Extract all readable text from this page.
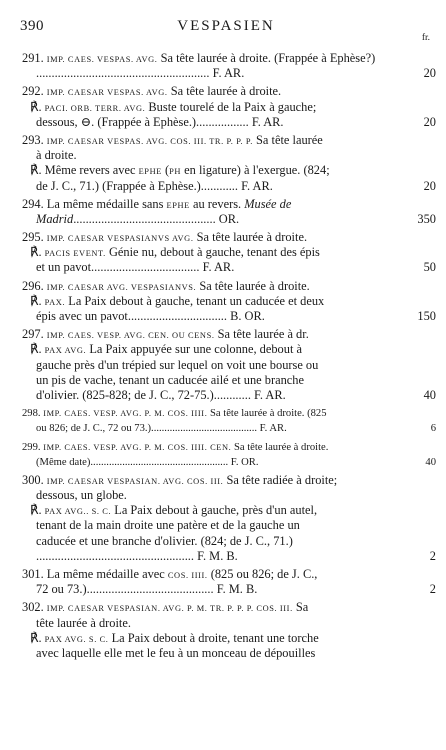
390	VESPASIEN
fr.
291. IMP. CAES. VESPAS. AVG. Sa tête laurée à droite. (Frappée à Ephèse?)
........................................................ F. AR.	20
292. IMP. CAESAR VESPAS. AVG. Sa tête laurée à droite.
℟. PACI. ORB. TERR. AVG. Buste tourelé de la Paix à gauche;
dessous, ⊖. (Frappée à Ephèse.)................. F. AR.	20
293. IMP. CAESAR VESPAS. AVG. COS. III. TR. P. P. P. Sa tête laurée
à droite.
℟. Même revers avec EPHE (PH en ligature) à l'exergue. (824;
de J. C., 71.) (Frappée à Ephèse.)............ F. AR.	20
294. La même médaille sans EPHE au revers. Musée de
Madrid.............................................. OR.	350
295. IMP. CAESAR VESPASIANVS AVG. Sa tête laurée à droite.
℟. PACIS EVENT. Génie nu, debout à gauche, tenant des épis
et un pavot................................... F. AR.	50
296. IMP. CAESAR AVG. VESPASIANVS. Sa tête laurée à droite.
℟. PAX. La Paix debout à gauche, tenant un caducée et deux
épis avec un pavot................................ B. OR.	150
297. IMP. CAES. VESP. AVG. CEN. OU CENS. Sa tête laurée à dr.
℟. PAX AVG. La Paix appuyée sur une colonne, debout à
gauche près d'un trépied sur lequel on voit une bourse ou
un pis de vache, tenant un caducée ailé et une branche
d'olivier. (825-828; de J. C., 72-75.)............ F. AR.	40
298. IMP. CAES. VESP. AVG. P. M. COS. IIII. Sa tête laurée à droite. (825
ou 826; de J. C., 72 ou 73.)........................................ F. AR.	6
299. IMP. CAES. VESP. AVG. P. M. COS. IIII. CEN. Sa tête laurée à droite.
(Même date).................................................... F. OR.	40
300. IMP. CAESAR VESPASIAN. AVG. COS. III. Sa tête radiée à droite;
dessous, un globe.
℟. PAX AVG.. S. C. La Paix debout à gauche, près d'un autel,
tenant de la main droite une patère et de la gauche un
caducée et une branche d'olivier. (824; de J. C., 71.)
................................................... F. M. B.	2
301. La même médaille avec COS. IIII. (825 ou 826; de J. C.,
72 ou 73.)......................................... F. M. B.	2
302. IMP. CAESAR VESPASIAN. AVG. P. M. TR. P. P. P. COS. III. Sa
tête laurée à droite.
℟. PAX AVG. S. C. La Paix debout à droite, tenant une torche
avec laquelle elle met le feu à un monceau de dépouilles
